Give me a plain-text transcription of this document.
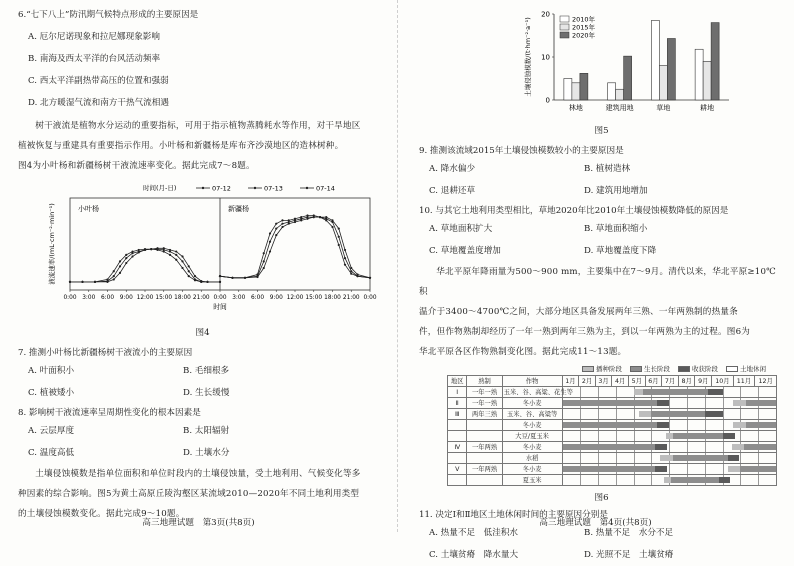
6.“七下八上”防汛期气候特点形成的主要原因是
A. 厄尔尼诺现象和拉尼娜现象影响
B. 南海及西太平洋的台风活动频率
C. 西太平洋副热带高压的位置和强弱
D. 北方暖湿气流和南方干热气流相遇
树干液流是植物水分运动的重要指标，可用于指示植物蒸腾耗水等作用，对干旱地区
植被恢复与重建具有重要指示作用。小叶杨和新疆杨是库布齐沙漠地区的造林树种。
图4为小叶杨和新疆杨树干液流速率变化。据此完成7～8题。
液流速率/(mL·cm⁻²·min⁻¹)
时间(月-日)	07-12	07-13	07-14
小叶杨
0:00 3:00 6:00 9:00 12:00 15:00 18:00 21:00
新疆杨
0:00 3:00 6:00 9:00 12:00 15:00 18:00 21:00 0:00
时间
图4
7. 推测小叶杨比新疆杨树干液流小的主要原因
A. 叶面积小	B. 毛细根多
C. 植被矮小	D. 生长缓慢
8. 影响树干液流速率呈周期性变化的根本因素是
A. 云层厚度	B. 太阳辐射
C. 温度高低	D. 土壤水分
土壤侵蚀模数是指单位面积和单位时段内的土壤侵蚀量，受土地利用、气候变化等多
种因素的综合影响。图5为黄土高原丘陵沟壑区某流域2010—2020年不同土地利用类型
的土壤侵蚀模数变化。据此完成9～10题。
高三地理试题　第3页(共8页)
0
10
20
土壤侵蚀模数/(t·hm⁻²·a⁻¹)
林地	建筑用地	草地	耕地
2010年
2015年
2020年
图5
9. 推测该流域2015年土壤侵蚀模数较小的主要原因是
A. 降水偏少	B. 植树造林
C. 退耕还草	D. 建筑用地增加
10. 与其它土地利用类型相比，草地2020年比2010年土壤侵蚀模数降低的原因是
A. 草地面积扩大	B. 草地面积缩小
C. 草地覆盖度增加	D. 草地覆盖度下降
华北平原年降雨量为500～900 mm，主要集中在7～9月。清代以来，华北平原≥10℃积
温介于3400～4700℃之间，大部分地区具备发展两年三熟、一年两熟制的热量条
件，但作物熟制却经历了一年一熟到两年三熟为主，到以一年两熟为主的过程。图6为
华北平原各区作物熟制变化图。据此完成11～13题。
播种阶段	生长阶段	收获阶段	土地休闲
地区	熟制	作物	1月	2月	3月	4月	5月	6月	7月	8月	9月	10月	11月	12月
Ⅰ	一年一熟	玉米、谷、高粱、花生等												

Ⅱ	一年一熟	冬小麦												

Ⅲ	两年三熟	玉米、谷、高粱等												

		冬小麦												

		大豆/夏玉米												

Ⅳ	一年两熟	冬小麦												

		水稻												

Ⅴ	一年两熟	冬小麦												

		夏玉米												
图6
11. 决定Ⅰ和Ⅱ地区土地休闲时间的主要原因分别是
A. 热量不足　低洼积水	B. 热量不足　水分不足
C. 土壤贫瘠　降水量大	D. 光照不足　土壤贫瘠
高三地理试题　第4页(共8页)
